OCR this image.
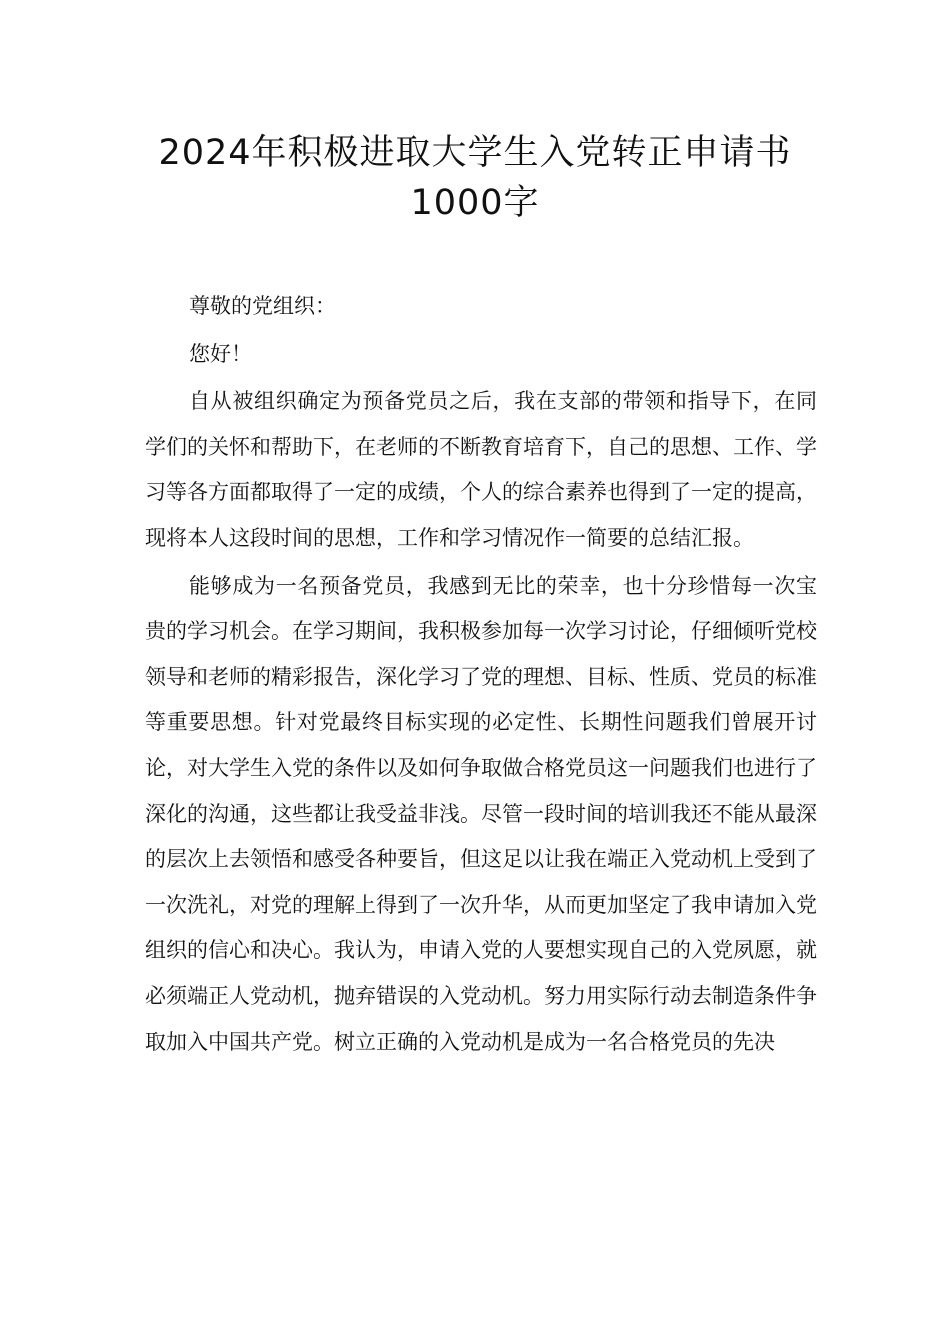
2024年积极进取大学生入党转正申请书
1000字

尊敬的党组织：

您好！

自从被组织确定为预备党员之后，我在支部的带领和指导下，在同学们的关怀和帮助下，在老师的不断教育培育下，自己的思想、工作、学习等各方面都取得了一定的成绩，个人的综合素养也得到了一定的提高，现将本人这段时间的思想，工作和学习情况作一简要的总结汇报。

能够成为一名预备党员，我感到无比的荣幸，也十分珍惜每一次宝贵的学习机会。在学习期间，我积极参加每一次学习讨论，仔细倾听党校领导和老师的精彩报告，深化学习了党的理想、目标、性质、党员的标准等重要思想。针对党最终目标实现的必定性、长期性问题我们曾展开讨论，对大学生入党的条件以及如何争取做合格党员这一问题我们也进行了深化的沟通，这些都让我受益非浅。尽管一段时间的培训我还不能从最深的层次上去领悟和感受各种要旨，但这足以让我在端正入党动机上受到了一次洗礼，对党的理解上得到了一次升华，从而更加坚定了我申请加入党组织的信心和决心。我认为，申请入党的人要想实现自己的入党夙愿，就必须端正人党动机，抛弃错误的入党动机。努力用实际行动去制造条件争取加入中国共产党。树立正确的入党动机是成为一名合格党员的先决
